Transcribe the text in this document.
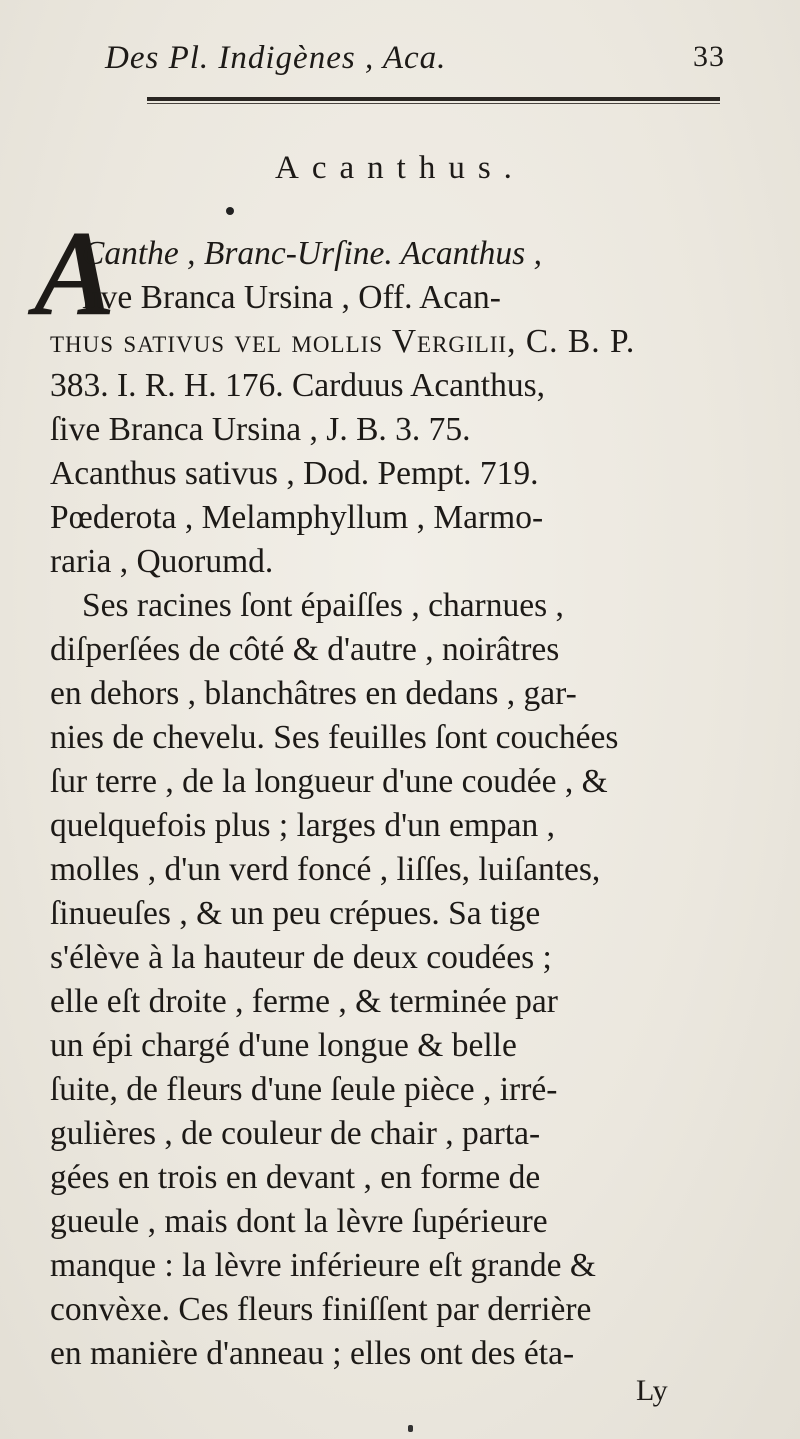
Des Pl. Indigènes , Aca.	33
Acanthus.
A
Canthe , Branc-Urſine. Acanthus ,
ſive Branca Ursina , Off. Acan-
thus sativus vel mollis Vergilii, C. B. P.
383. I. R. H. 176. Carduus Acanthus,
ſive Branca Ursina , J. B. 3. 75.
Acanthus sativus , Dod. Pempt. 719.
Pœderota , Melamphyllum , Marmo-
raria , Quorumd.
Ses racines ſont épaiſſes , charnues ,
diſperſées de côté & d'autre , noirâtres
en dehors , blanchâtres en dedans , gar-
nies de chevelu. Ses feuilles ſont couchées
ſur terre , de la longueur d'une coudée , &
quelquefois plus ; larges d'un empan ,
molles , d'un verd foncé , liſſes, luiſantes,
ſinueuſes , & un peu crépues. Sa tige
s'élève à la hauteur de deux coudées ;
elle eſt droite , ferme , & terminée par
un épi chargé d'une longue & belle
ſuite, de fleurs d'une ſeule pièce , irré-
gulières , de couleur de chair , parta-
gées en trois en devant , en forme de
gueule , mais dont la lèvre ſupérieure
manque : la lèvre inférieure eſt grande &
convèxe. Ces fleurs finiſſent par derrière
en manière d'anneau ; elles ont des éta-
Ly
